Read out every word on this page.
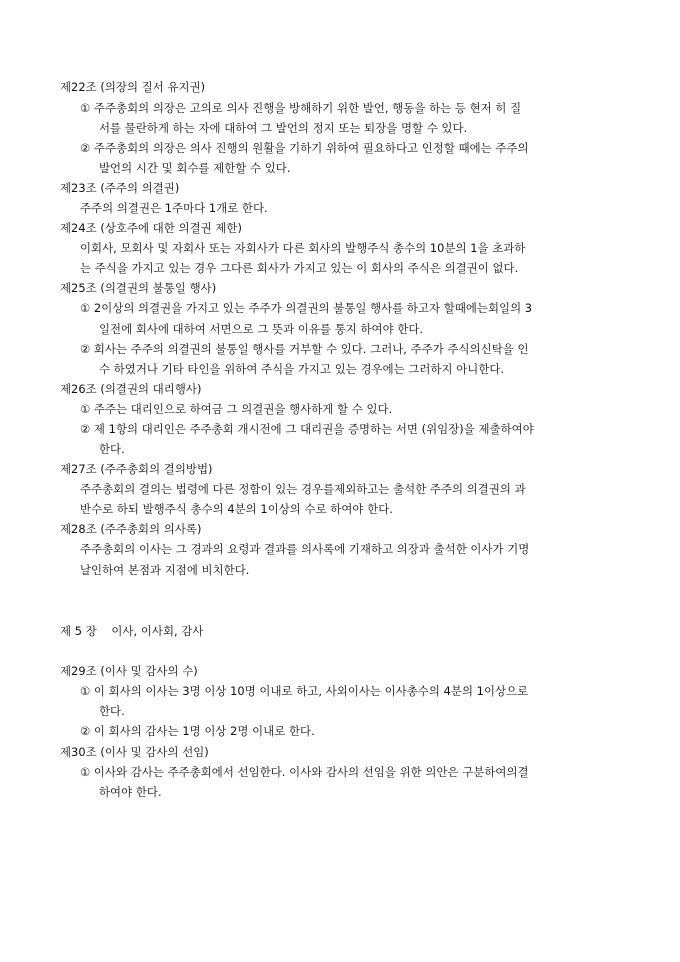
제22조 (의장의 질서 유지권)
① 주주총회의 의장은 고의로 의사 진행을 방해하기 위한 발언, 행동을 하는 등 현저 히 질
서를 물란하게 하는 자에 대하여 그 발언의 정지 또는 퇴장을 명할 수 있다.
② 주주총회의 의장은 의사 진행의 원활을 기하기 위하여 필요하다고 인정할 때에는 주주의
발언의 시간 및 회수를 제한할 수 있다.
제23조 (주주의 의결권)
주주의 의결권은 1주마다 1개로 한다.
제24조 (상호주에 대한 의결권 제한)
이회사, 모회사 및 자회사 또는 자회사가 다른 회사의 발행주식 총수의 10분의 1을 초과하
는 주식을 가지고 있는 경우 그다른 회사가 가지고 있는 이 회사의 주식은 의결권이 없다.
제25조 (의결권의 불통일 행사)
① 2이상의 의결권을 가지고 있는 주주가 의결권의 불통일 행사를 하고자 할때에는회일의 3
일전에 회사에 대하여 서면으로 그 뜻과 이유를 통지 하여야 한다.
② 회사는 주주의 의결권의 불통일 행사를 거부할 수 있다. 그러나, 주주가 주식의신탁을 인
수 하였거나 기타 타인을 위하여 주식을 가지고 있는 경우에는 그러하지 아니한다.
제26조 (의결권의 대리행사)
① 주주는 대리인으로 하여금 그 의결권을 행사하게 할 수 있다.
② 제 1항의 대리인은 주주총회 개시전에 그 대리권을 증명하는 서면 (위임장)을 제출하여야
한다.
제27조 (주주총회의 결의방법)
주주총회의 결의는 법령에 다른 정함이 있는 경우를제외하고는 출석한 주주의 의결권의 과
반수로 하되 발행주식 총수의 4분의 1이상의 수로 하여야 한다.
제28조 (주주총회의 의사록)
주주총회의 이사는 그 경과의 요령과 결과를 의사록에 기재하고 의장과 출석한 이사가 기명
날인하여 본점과 지점에 비치한다.
제 5 장    이사, 이사회, 감사
제29조 (이사 및 감사의 수)
① 이 회사의 이사는 3명 이상 10명 이내로 하고, 사외이사는 이사총수의 4분의 1이상으로
한다.
② 이 회사의 감사는 1명 이상 2명 이내로 한다.
제30조 (이사 및 감사의 선임)
① 이사와 감사는 주주총회에서 선임한다. 이사와 감사의 선임을 위한 의안은 구분하여의결
하여야 한다.
